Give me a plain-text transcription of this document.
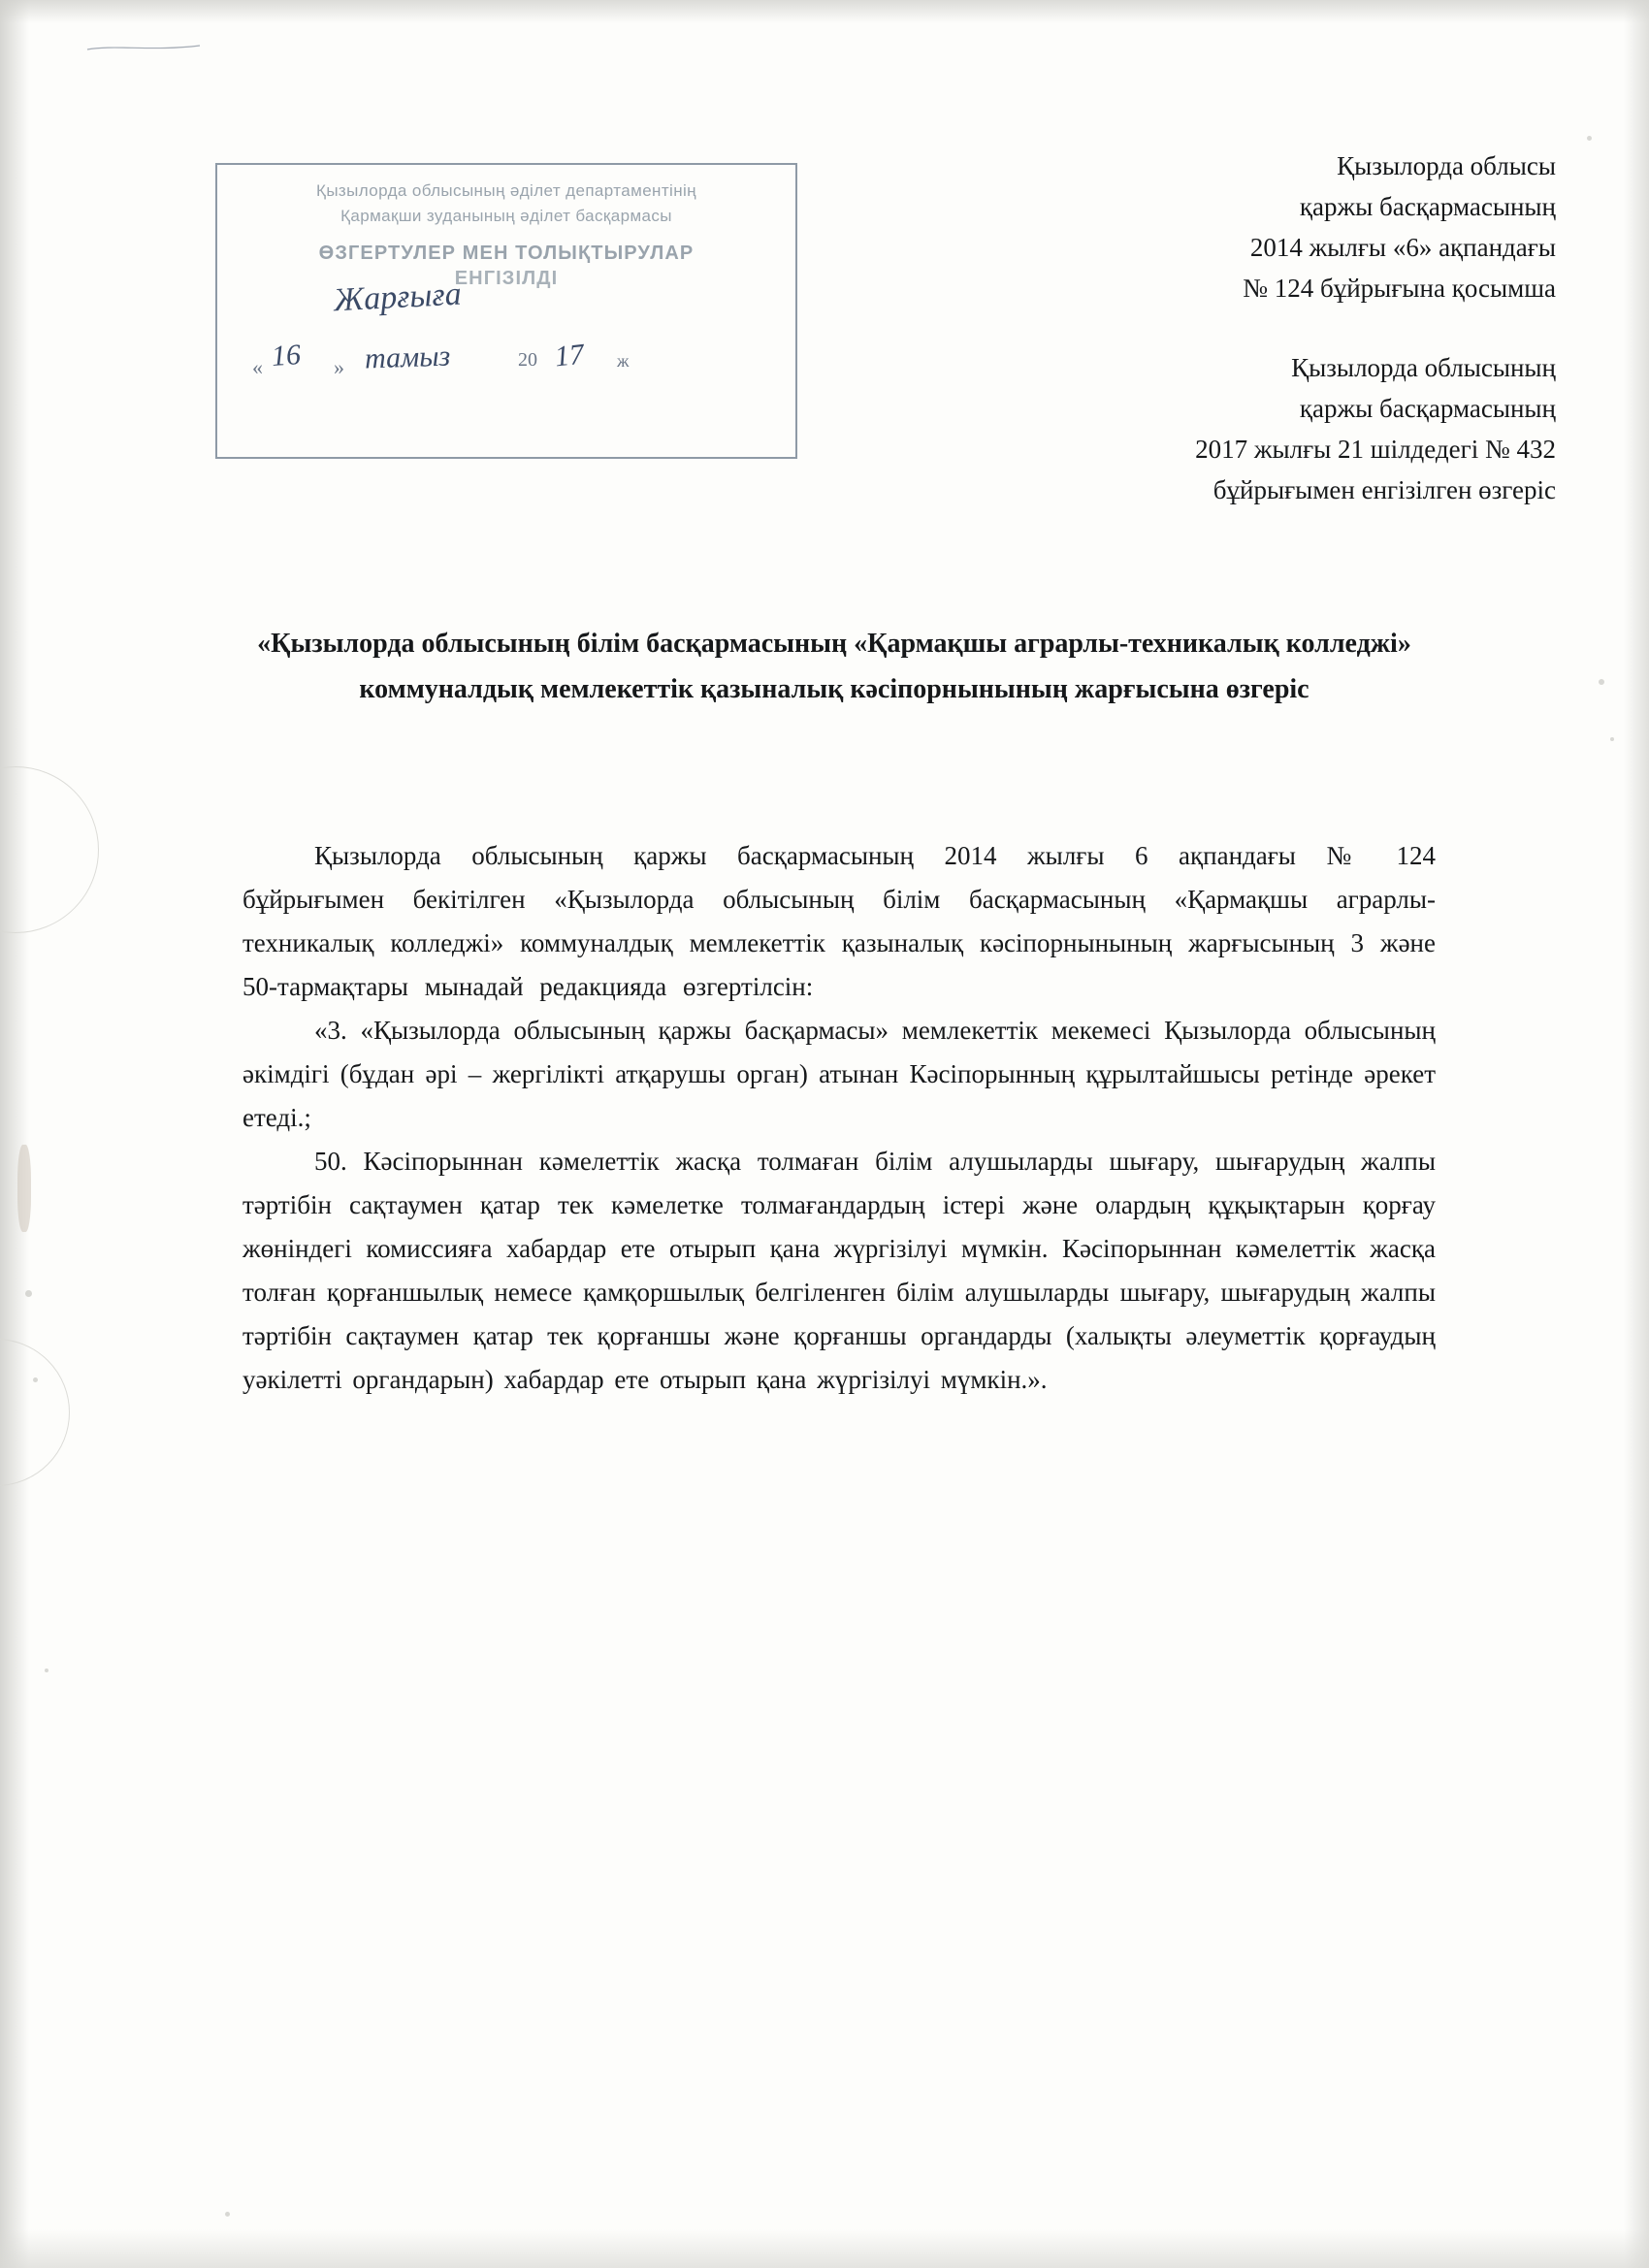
Қызылорда облысының әділет департаментінің
Қармақши зуданының әділет басқармасы
ӨЗГЕРТУЛЕР МЕН ТОЛЫҚТЫРУЛАР
ЕНГІЗІЛДІ
Жарғыға
« 16 » тамыз	20 17 ж
Қызылорда облысы
қаржы басқармасының
2014 жылғы «6» ақпандағы
№ 124 бұйрығына қосымша
Қызылорда облысының
қаржы басқармасының
2017 жылғы 21 шілдедегі № 432
бұйрығымен енгізілген өзгеріс
«Қызылорда облысының білім басқармасының «Қармақшы аграрлы-техникалық колледжі» коммуналдық мемлекеттік қазыналық кәсіпорнынының жарғысына өзгеріс

Қызылорда облысының қаржы басқармасының 2014 жылғы 6 ақпандағы № 124 бұйрығымен бекітілген «Қызылорда облысының білім басқармасының «Қармақшы аграрлы-техникалық колледжі» коммуналдық мемлекеттік қазыналық кәсіпорнынының жарғысының 3 және 50-тармақтары мынадай редакцияда өзгертілсін:

«3. «Қызылорда облысының қаржы басқармасы» мемлекеттік мекемесі Қызылорда облысының әкімдігі (бұдан әрі – жергілікті атқарушы орган) атынан Кәсіпорынның құрылтайшысы ретінде әрекет етеді.;

50. Кәсіпорыннан кәмелеттік жасқа толмаған білім алушыларды шығару, шығарудың жалпы тәртібін сақтаумен қатар тек кәмелетке толмағандардың істері және олардың құқықтарын қорғау жөніндегі комиссияға хабардар ете отырып қана жүргізілуі мүмкін. Кәсіпорыннан кәмелеттік жасқа толған қорғаншылық немесе қамқоршылық белгіленген білім алушыларды шығару, шығарудың жалпы тәртібін сақтаумен қатар тек қорғаншы және қорғаншы органдарды (халықты әлеуметтік қорғаудың уәкілетті органдарын) хабардар ете отырып қана жүргізілуі мүмкін.».
